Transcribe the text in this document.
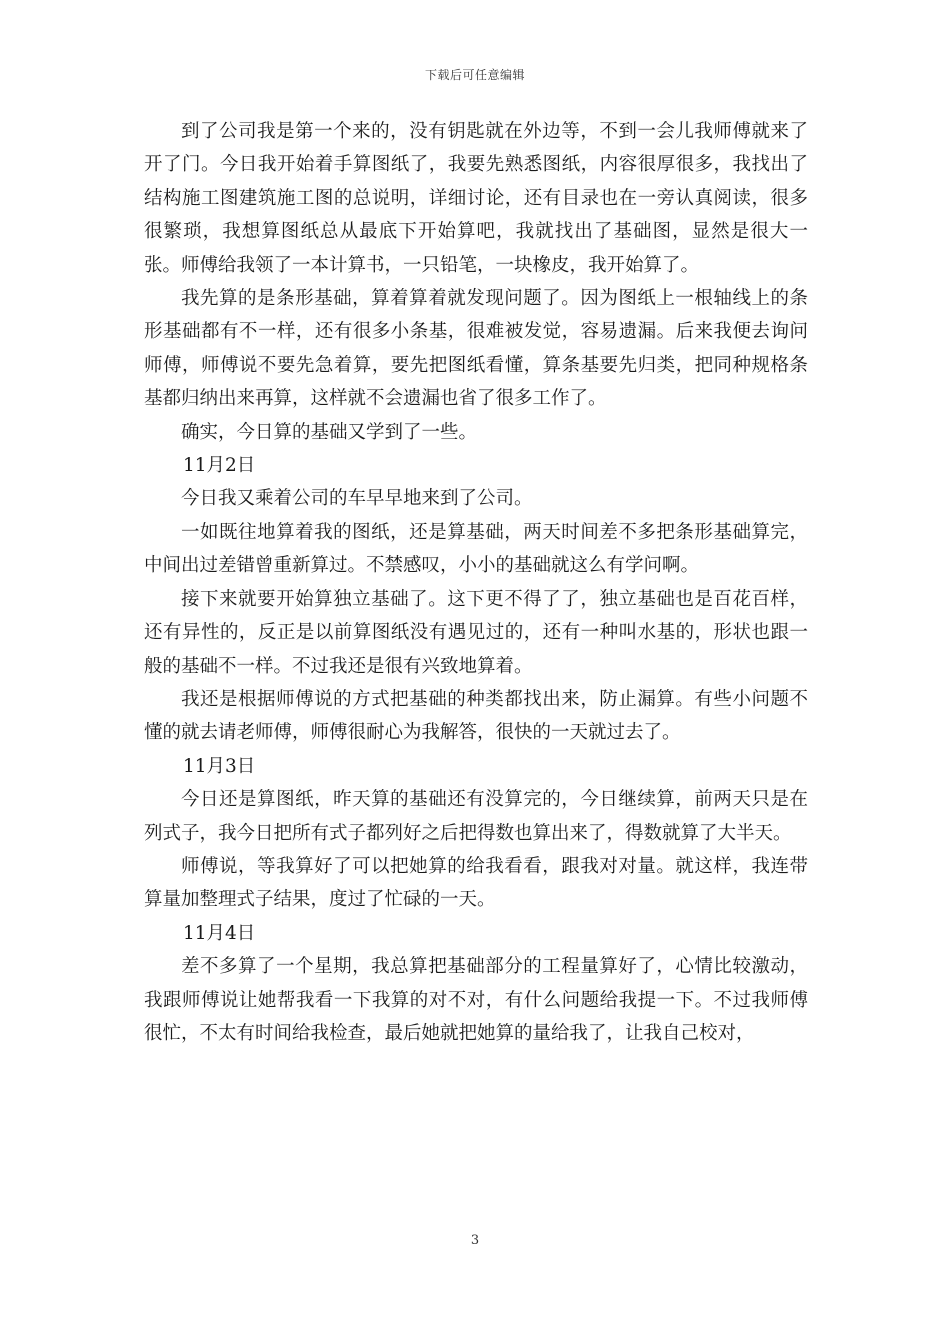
下载后可任意编辑

到了公司我是第一个来的，没有钥匙就在外边等，不到一会儿我师傅就来了开了门。今日我开始着手算图纸了，我要先熟悉图纸，内容很厚很多，我找出了结构施工图建筑施工图的总说明，详细讨论，还有目录也在一旁认真阅读，很多很繁琐，我想算图纸总从最底下开始算吧，我就找出了基础图，显然是很大一张。师傅给我领了一本计算书，一只铅笔，一块橡皮，我开始算了。

我先算的是条形基础，算着算着就发现问题了。因为图纸上一根轴线上的条形基础都有不一样，还有很多小条基，很难被发觉，容易遗漏。后来我便去询问师傅，师傅说不要先急着算，要先把图纸看懂，算条基要先归类，把同种规格条基都归纳出来再算，这样就不会遗漏也省了很多工作了。

确实，今日算的基础又学到了一些。

11月2日

今日我又乘着公司的车早早地来到了公司。

一如既往地算着我的图纸，还是算基础，两天时间差不多把条形基础算完，中间出过差错曾重新算过。不禁感叹，小小的基础就这么有学问啊。

接下来就要开始算独立基础了。这下更不得了了，独立基础也是百花百样，还有异性的，反正是以前算图纸没有遇见过的，还有一种叫水基的，形状也跟一般的基础不一样。不过我还是很有兴致地算着。

我还是根据师傅说的方式把基础的种类都找出来，防止漏算。有些小问题不懂的就去请老师傅，师傅很耐心为我解答，很快的一天就过去了。

11月3日

今日还是算图纸，昨天算的基础还有没算完的，今日继续算，前两天只是在列式子，我今日把所有式子都列好之后把得数也算出来了，得数就算了大半天。

师傅说，等我算好了可以把她算的给我看看，跟我对对量。就这样，我连带算量加整理式子结果，度过了忙碌的一天。

11月4日

差不多算了一个星期，我总算把基础部分的工程量算好了，心情比较激动，我跟师傅说让她帮我看一下我算的对不对，有什么问题给我提一下。不过我师傅很忙，不太有时间给我检查，最后她就把她算的量给我了，让我自己校对，

3
